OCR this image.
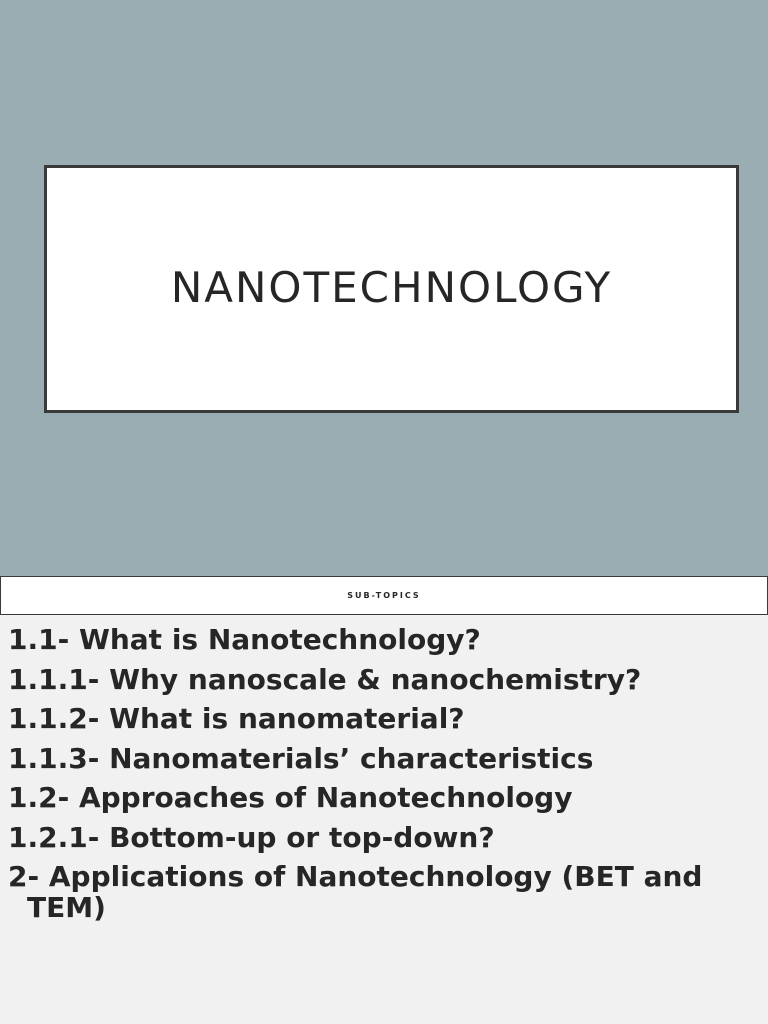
NANOTECHNOLOGY
SUB-TOPICS
1.1- What is Nanotechnology?
1.1.1- Why nanoscale & nanochemistry?
1.1.2- What is nanomaterial?
1.1.3- Nanomaterials’ characteristics
1.2- Approaches of Nanotechnology
1.2.1- Bottom-up or top-down?
2- Applications of Nanotechnology (BET and TEM)
